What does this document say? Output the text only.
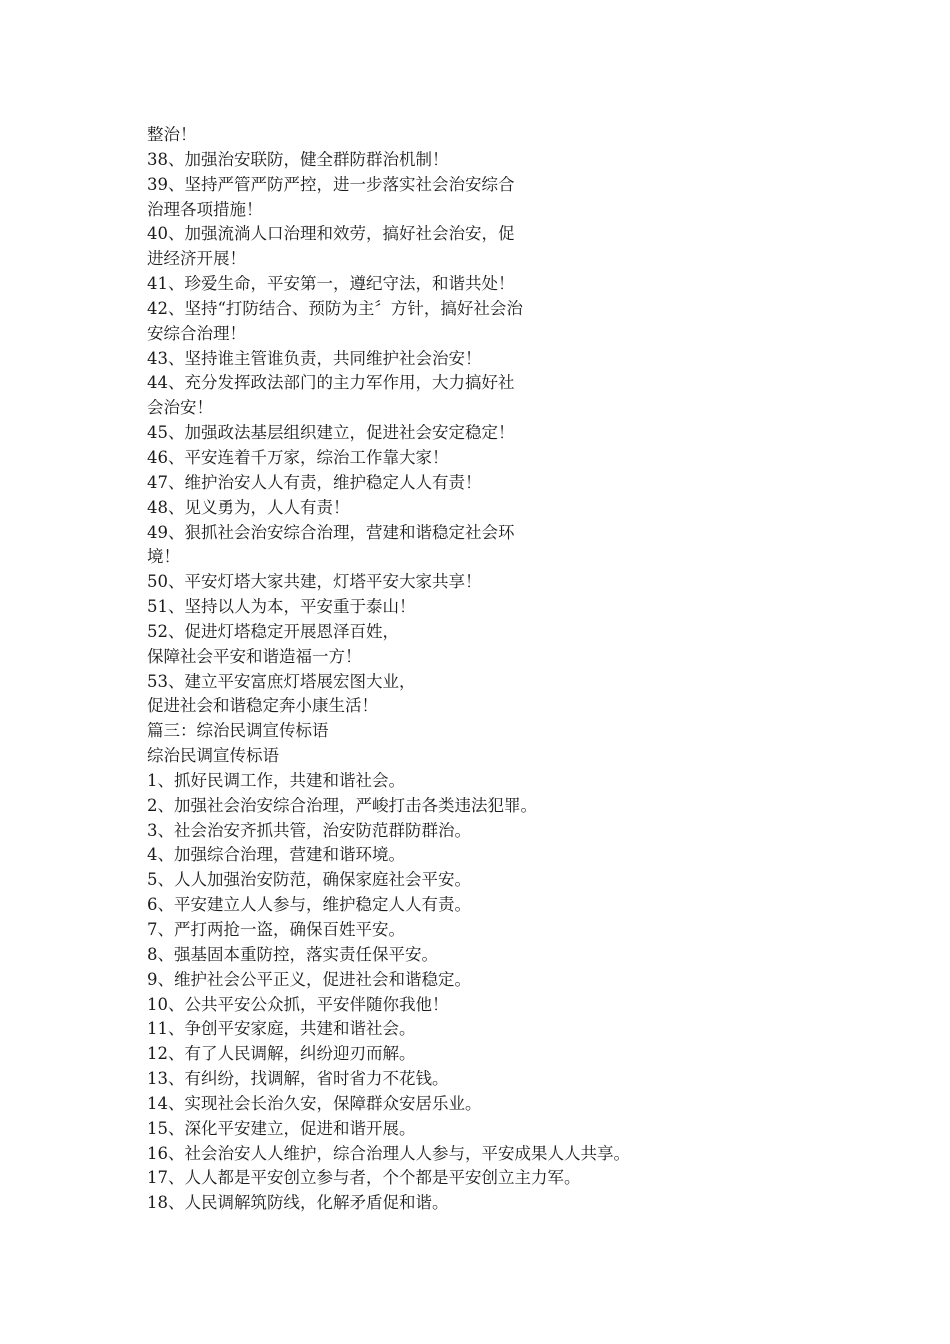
整治！
38、加强治安联防，健全群防群治机制！
39、坚持严管严防严控，进一步落实社会治安综合
治理各项措施！
40、加强流淌人口治理和效劳，搞好社会治安，促
进经济开展！
41、珍爱生命，平安第一，遵纪守法，和谐共处！
42、坚持“打防结合、预防为主〞方针，搞好社会治
安综合治理！
43、坚持谁主管谁负责，共同维护社会治安！
44、充分发挥政法部门的主力军作用，大力搞好社
会治安！
45、加强政法基层组织建立，促进社会安定稳定！
46、平安连着千万家，综治工作靠大家！
47、维护治安人人有责，维护稳定人人有责！
48、见义勇为，人人有责！
49、狠抓社会治安综合治理，营建和谐稳定社会环
境！
50、平安灯塔大家共建，灯塔平安大家共享！
51、坚持以人为本，平安重于泰山！
52、促进灯塔稳定开展恩泽百姓，
保障社会平安和谐造福一方！
53、建立平安富庶灯塔展宏图大业，
促进社会和谐稳定奔小康生活！
篇三：综治民调宣传标语
综治民调宣传标语
1、抓好民调工作，共建和谐社会。
2、加强社会治安综合治理，严峻打击各类违法犯罪。
3、社会治安齐抓共管，治安防范群防群治。
4、加强综合治理，营建和谐环境。
5、人人加强治安防范，确保家庭社会平安。
6、平安建立人人参与，维护稳定人人有责。
7、严打两抢一盗，确保百姓平安。
8、强基固本重防控，落实责任保平安。
9、维护社会公平正义，促进社会和谐稳定。
10、公共平安公众抓，平安伴随你我他！
11、争创平安家庭，共建和谐社会。
12、有了人民调解，纠纷迎刃而解。
13、有纠纷，找调解，省时省力不花钱。
14、实现社会长治久安，保障群众安居乐业。
15、深化平安建立，促进和谐开展。
16、社会治安人人维护，综合治理人人参与，平安成果人人共享。
17、人人都是平安创立参与者，个个都是平安创立主力军。
18、人民调解筑防线，化解矛盾促和谐。
